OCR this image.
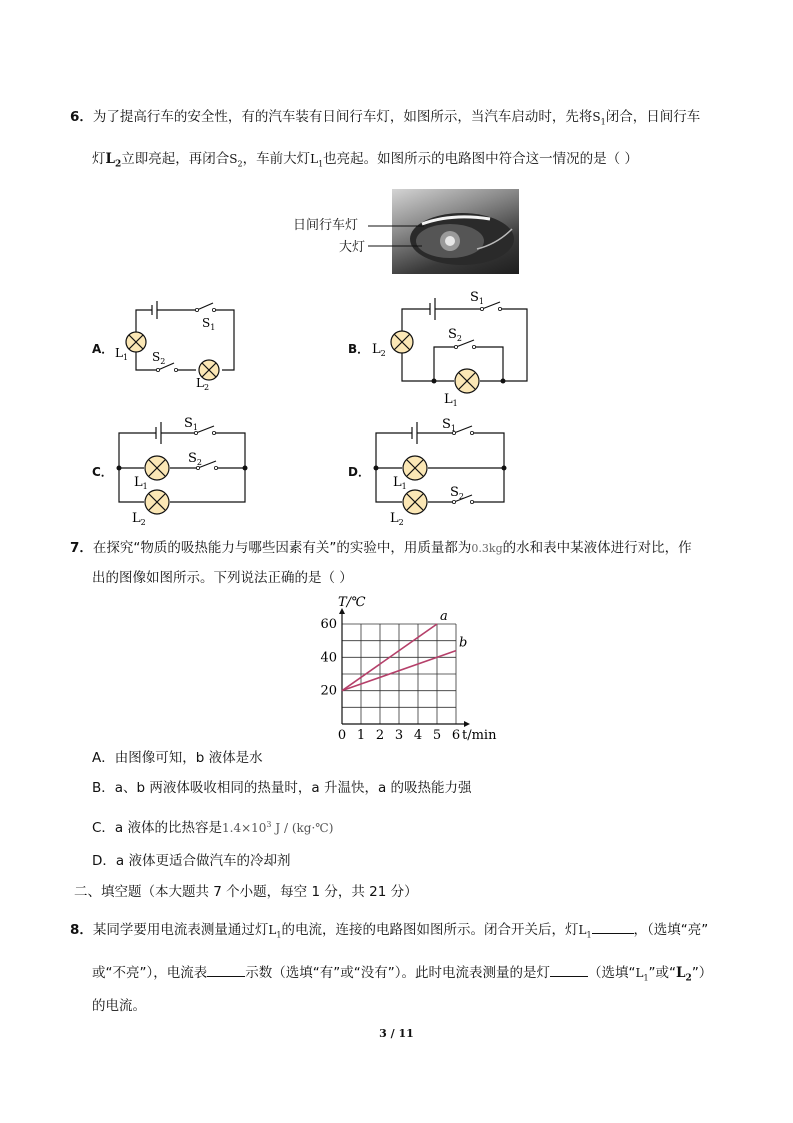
6．为了提高行车的安全性，有的汽车装有日间行车灯，如图所示，当汽车启动时，先将$S_1$闭合，日间行车
灯$L_2$立即亮起，再闭合$S_2$，车前大灯$L_1$也亮起。如图所示的电路图中符合这一情况的是（ ）
日间行车灯
大灯
A．	B．
C．	D．
$S_1$
$L_1$ $S_2$
$L_2$
$S_1$
$L_2$
$S_2$
$L_1$
$S_1$
$S_2$
$L_1$
$L_2$
$S_1$
$L_1$	$S_2$
$L_2$
7．在探究“物质的吸热能力与哪些因素有关”的实验中，用质量都为0.3kg的水和表中某液体进行对比，作
出的图像如图所示。下列说法正确的是（ ）
0 1 2 3 4 5 6
20
40
60
a
b
T/℃
t/min
A．由图像可知，b 液体是水
B．a、b 两液体吸收相同的热量时，a 升温快，a 的吸热能力强
C．a 液体的比热容是$1.4\times 10^3$ J / (kg·℃)
D．a 液体更适合做汽车的冷却剂
二、填空题（本大题共 7 个小题，每空 1 分，共 21 分）
8．某同学要用电流表测量通过灯$L_1$的电流，连接的电路图如图所示。闭合开关后，灯$L_1$	，（选填“亮”
或“不亮”），电流表	示数（选填“有”或“没有”）。此时电流表测量的是灯	（选填“$L_1$”或“$L_2$”）
的电流。
3 / 11
